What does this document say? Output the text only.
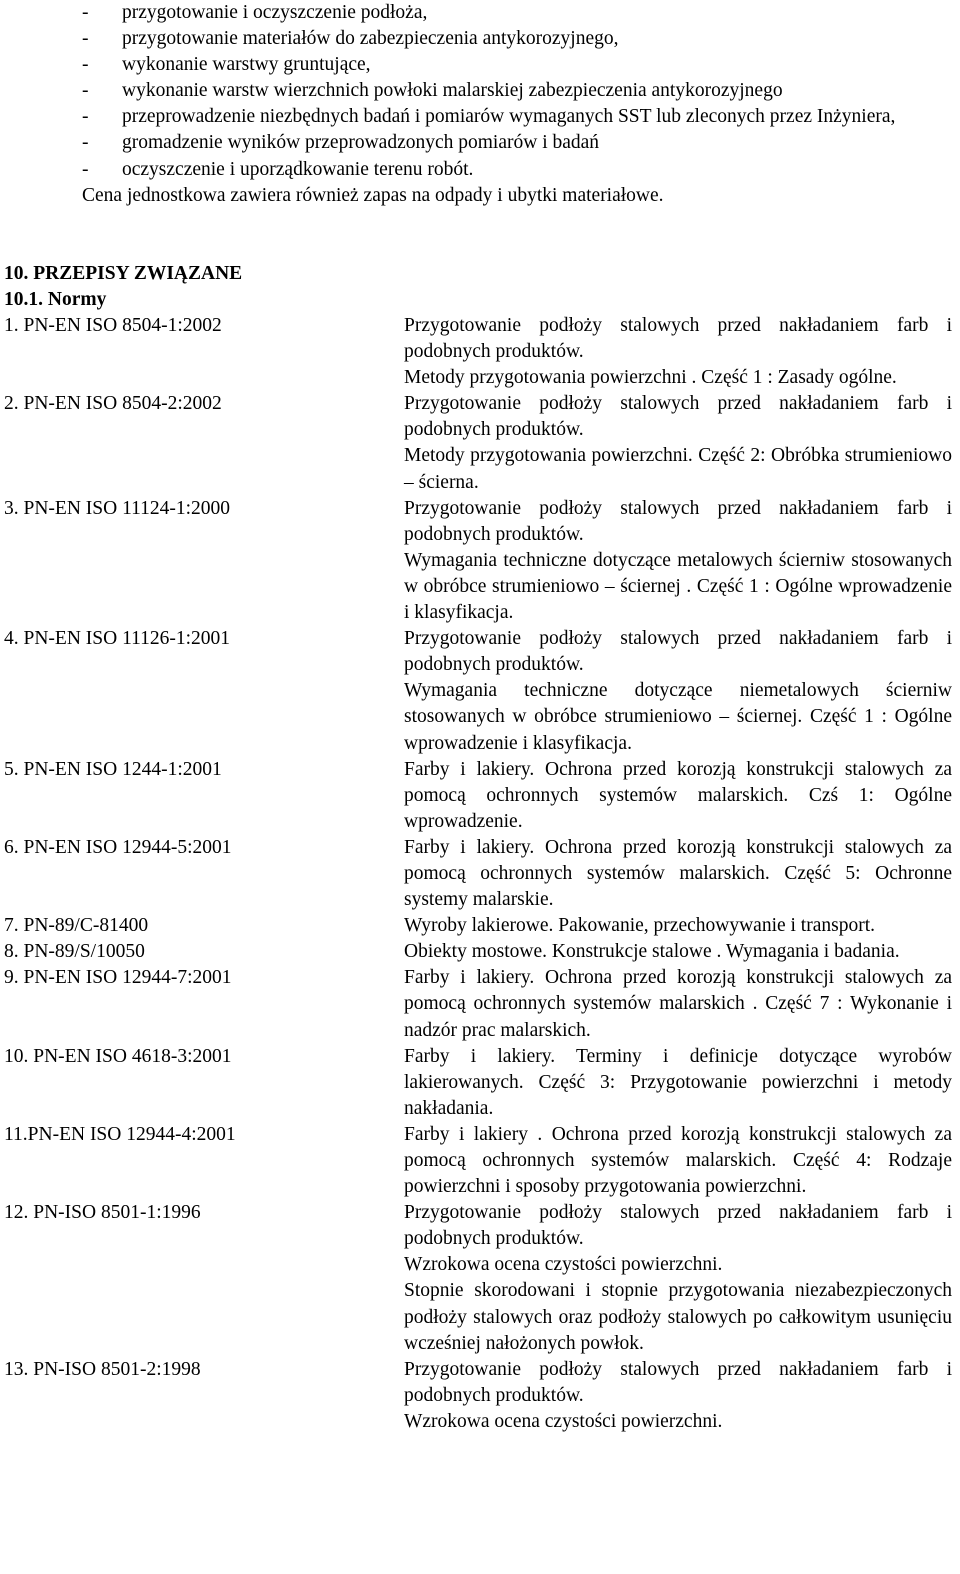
- przygotowanie i oczyszczenie podłoża,
- przygotowanie materiałów do zabezpieczenia antykorozyjnego,
- wykonanie warstwy gruntujące,
- wykonanie warstw wierzchnich powłoki malarskiej zabezpieczenia antykorozyjnego
- przeprowadzenie niezbędnych badań i pomiarów wymaganych SST lub zleconych przez Inżyniera,
- gromadzenie wyników przeprowadzonych pomiarów i badań
- oczyszczenie i uporządkowanie terenu robót.
Cena jednostkowa zawiera również zapas na odpady i ubytki materiałowe.
10. PRZEPISY ZWIĄZANE
10.1. Normy
1. PN-EN ISO 8504-1:2002	Przygotowanie podłoży stalowych przed nakładaniem farb i podobnych produktów.

Metody przygotowania powierzchni . Część 1 : Zasady ogólne.

2. PN-EN ISO 8504-2:2002	Przygotowanie podłoży stalowych przed nakładaniem farb i podobnych produktów.

Metody przygotowania powierzchni. Część 2: Obróbka strumieniowo – ścierna.

3. PN-EN ISO 11124-1:2000	Przygotowanie podłoży stalowych przed nakładaniem farb i podobnych produktów.

Wymagania techniczne dotyczące metalowych ścierniw stosowanych w obróbce strumieniowo – ściernej . Część 1 : Ogólne wprowadzenie i klasyfikacja.

4. PN-EN ISO 11126-1:2001	Przygotowanie podłoży stalowych przed nakładaniem farb i podobnych produktów.

Wymagania techniczne dotyczące niemetalowych ścierniw stosowanych w obróbce strumieniowo – ściernej. Część 1 : Ogólne wprowadzenie i klasyfikacja.

5. PN-EN ISO 1244-1:2001	Farby i lakiery. Ochrona przed korozją konstrukcji stalowych za pomocą ochronnych systemów malarskich. Czś 1: Ogólne wprowadzenie.

6. PN-EN ISO 12944-5:2001	Farby i lakiery. Ochrona przed korozją konstrukcji stalowych za pomocą ochronnych systemów malarskich. Część 5: Ochronne systemy malarskie.

7. PN-89/C-81400	Wyroby lakierowe. Pakowanie, przechowywanie i transport.

8. PN-89/S/10050	Obiekty mostowe. Konstrukcje stalowe . Wymagania i badania.

9. PN-EN ISO 12944-7:2001	Farby i lakiery. Ochrona przed korozją konstrukcji stalowych za pomocą ochronnych systemów malarskich . Część 7 : Wykonanie i nadzór prac malarskich.

10. PN-EN ISO 4618-3:2001	Farby i lakiery. Terminy i definicje dotyczące wyrobów lakierowanych. Część 3: Przygotowanie powierzchni i metody nakładania.

11.PN-EN ISO 12944-4:2001	Farby i lakiery . Ochrona przed korozją konstrukcji stalowych za pomocą ochronnych systemów malarskich. Część 4: Rodzaje powierzchni i sposoby przygotowania powierzchni.

12. PN-ISO 8501-1:1996	Przygotowanie podłoży stalowych przed nakładaniem farb i podobnych produktów.

Wzrokowa ocena czystości powierzchni.

Stopnie skorodowani i stopnie przygotowania niezabezpieczonych podłoży stalowych oraz podłoży stalowych po całkowitym usunięciu wcześniej nałożonych powłok.

13. PN-ISO 8501-2:1998	Przygotowanie podłoży stalowych przed nakładaniem farb i podobnych produktów.

Wzrokowa ocena czystości powierzchni.
